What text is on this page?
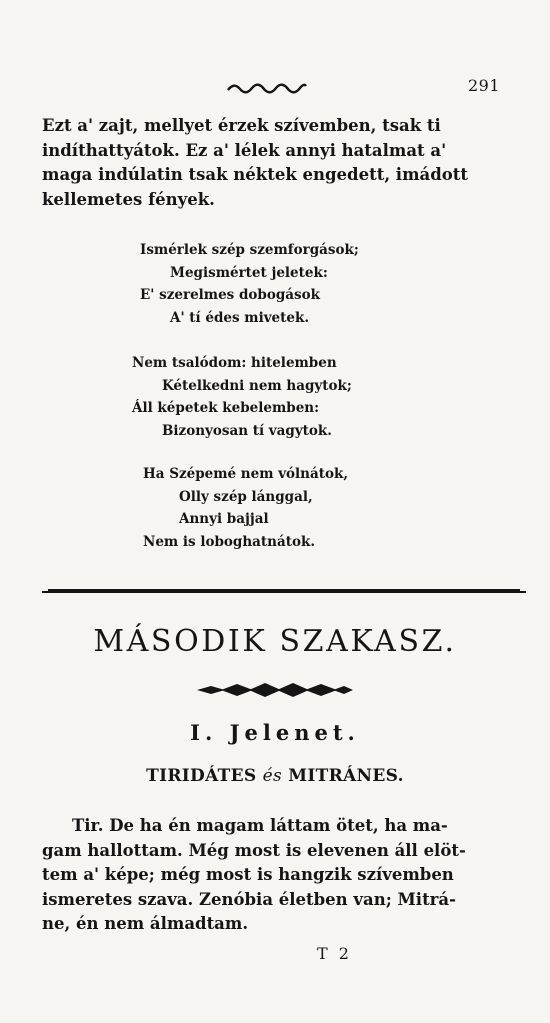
291
Ezt a' zajt, mellyet érzek szívemben, tsak ti
indíthattyátok. Ez a' lélek annyi hatalmat a'
maga indúlatin tsak néktek engedett, imádott
kellemetes fények.
Ismérlek szép szemforgások;
Megismértet jeletek:
E' szerelmes dobogások
A' tí édes mivetek.
Nem tsalódom: hitelemben
Kételkedni nem hagytok;
Áll képetek kebelemben:
Bizonyosan tí vagytok.
Ha Szépemé nem vólnátok,
Olly szép lánggal,
Annyi bajjal
Nem is loboghatnátok.
MÁSODIK SZAKASZ.
I. Jelenet.
TIRIDÁTES és MITRÁNES.
Tir. De ha én magam láttam ötet, ha ma-
gam hallottam. Még most is elevenen áll elöt-
tem a' képe; még most is hangzik szívemben
ismeretes szava. Zenóbia életben van; Mitrá-
ne, én nem álmadtam.
T 2
